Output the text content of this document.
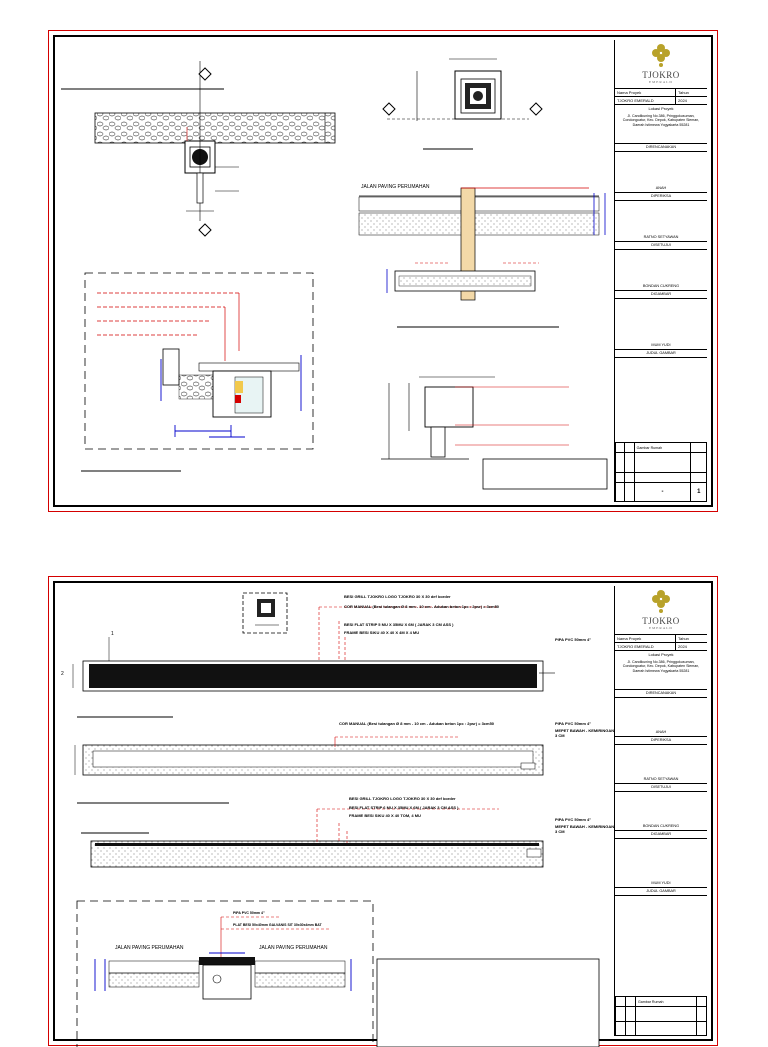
JALAN PAVING PERUMAHAN
TJOKRO
EMERALD
Nama Proyek	Tahun
TJOKRO EMERALD	2024
Lokasi Proyek
Jl. Candikuning No.386, Pringgokusuman, Condongcatur, Kec. Depok, Kabupaten Sleman, Daerah Istimewa Yogyakarta 55281
DIRENCANAKAN
ANAH
DIPERIKSA
RATNO SETYAWAN
DISETUJUI
BONDAN CUKRENG
DIGAMBAR
MUM YUDI
JUDUL GAMBAR
		Gambar Rumah	

		-	1
BESI GRILL TJOKRO LOGO TJOKRO 30 X 30 def border
COR MANUAL (Besi tulangan Ø 8 mm - 10 cm - Adukan beton 1pc : 2psr) = 3cm50
BESI FLAT STRIP 5 MU X 35MU X 6M ( JARAK 3 CM ASS )
FRAME BESI SIKU 40 X 40 X 4M X 4 MU
PIPA PVC 50mm 4"
1
2
COR MANUAL (Besi tulangan Ø 8 mm - 10 cm - Adukan beton 1pc : 2psr) = 3cm50	PIPA PVC 50mm 4"
MEPET BAWAH - KEMIRINGAN 3 CM
BESI GRILL TJOKRO LOGO TJOKRO 30 X 30 def border
BESI FLAT STRIP 6 MU X 35MU X 6M ( JARAK 3 CM ASS )
FRAME BESI SIKU 40 X 40 TOM, 4 MU
PIPA PVC 50mm 4"
MEPET BAWAH - KEMIRINGAN 3 CM
PIPA PVC 50mm 4"
PLAT BESI 50x40mm GALVANIS SIT 30x30x4mm BAT
JALAN PAVING PERUMAHAN	JALAN PAVING PERUMAHAN
TJOKRO
EMERALD
Nama Proyek	Tahun
TJOKRO EMERALD	2024
Lokasi Proyek
Jl. Candikuning No.386, Pringgokusuman, Condongcatur, Kec. Depok, Kabupaten Sleman, Daerah Istimewa Yogyakarta 55281
DIRENCANAKAN
ANAH
DIPERIKSA
RATNO SETYAWAN
DISETUJUI
BONDAN CUKRENG
DIGAMBAR
MUM YUDI
JUDUL GAMBAR
		Gambar Rumah	
